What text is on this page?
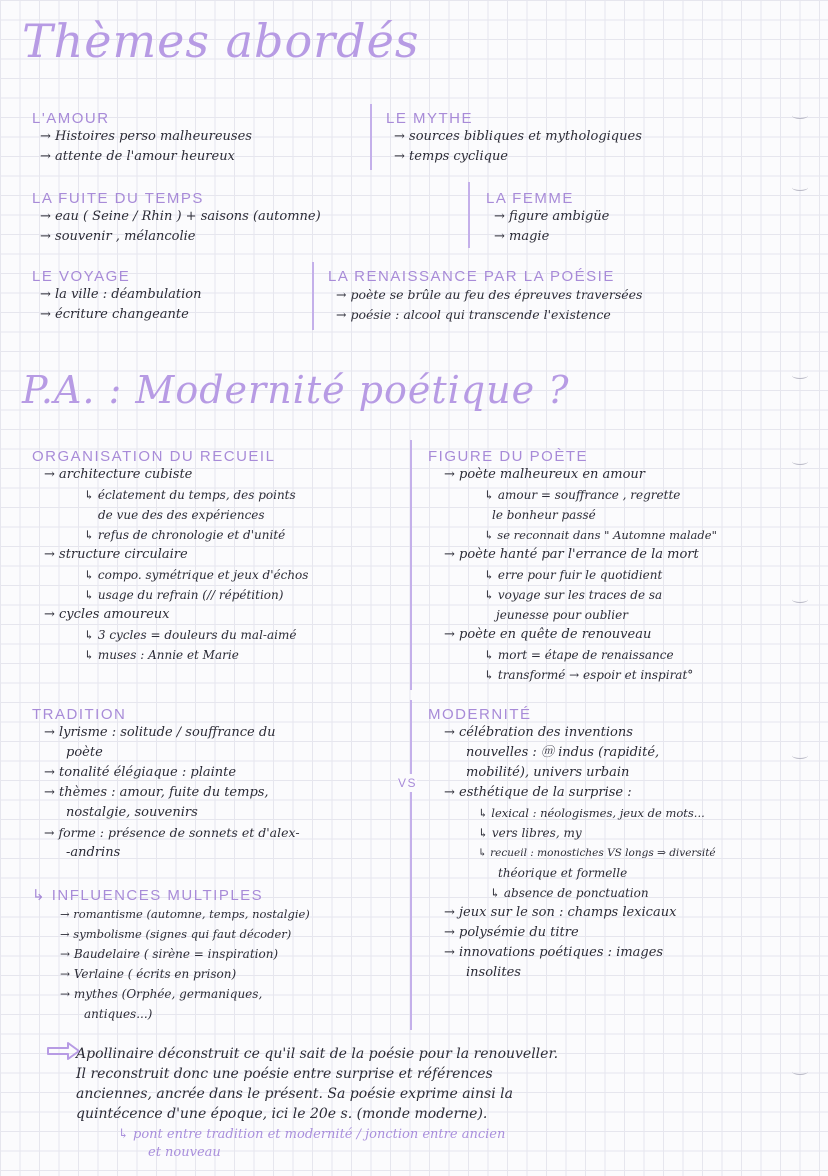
Thèmes abordés
L'AMOUR
→ Histoires perso malheureuses
→ attente de l'amour heureux
LE MYTHE
→ sources bibliques et mythologiques
→ temps cyclique
LA FUITE DU TEMPS
→ eau ( Seine / Rhin ) + saisons (automne)
→ souvenir , mélancolie
LA FEMME
→ figure ambigüe
→ magie
LE VOYAGE
→ la ville : déambulation
→ écriture changeante
LA RENAISSANCE PAR LA POÉSIE
→ poète se brûle au feu des épreuves traversées
→ poésie : alcool qui transcende l'existence
P.A. : Modernité poétique ?
ORGANISATION DU RECUEIL
→ architecture cubiste
↳ éclatement du temps, des points
de vue des des expériences
↳ refus de chronologie et d'unité
→ structure circulaire
↳ compo. symétrique et jeux d'échos
↳ usage du refrain (// répétition)
→ cycles amoureux
↳ 3 cycles = douleurs du mal-aimé
↳ muses : Annie et Marie
FIGURE DU POÈTE
→ poète malheureux en amour
↳ amour = souffrance , regrette
le bonheur passé
↳ se reconnait dans " Automne malade"
→ poète hanté par l'errance de la mort
↳ erre pour fuir le quotidient
↳ voyage sur les traces de sa
jeunesse pour oublier
→ poète en quête de renouveau
↳ mort = étape de renaissance
↳ transformé → espoir et inspirat°
TRADITION
→ lyrisme : solitude / souffrance du
poète
→ tonalité élégiaque : plainte
→ thèmes : amour, fuite du temps,
nostalgie, souvenirs
→ forme : présence de sonnets et d'alex-
-andrins
VS
MODERNITÉ
→ célébration des inventions
nouvelles : ⓜ indus (rapidité,
mobilité), univers urbain
→ esthétique de la surprise :
↳ lexical : néologismes, jeux de mots...
↳ vers libres, my
↳ recueil : monostiches VS longs ⇒ diversité
théorique et formelle
↳ absence de ponctuation
→ jeux sur le son : champs lexicaux
→ polysémie du titre
→ innovations poétiques : images
insolites
↳ INFLUENCES MULTIPLES
→ romantisme (automne, temps, nostalgie)
→ symbolisme (signes qui faut décoder)
→ Baudelaire ( sirène = inspiration)
→ Verlaine ( écrits en prison)
→ mythes (Orphée, germaniques,
antiques...)
Apollinaire déconstruit ce qu'il sait de la poésie pour la renouveller.
Il reconstruit donc une poésie entre surprise et références
anciennes, ancrée dans le présent. Sa poésie exprime ainsi la
quintécence d'une époque, ici le 20e s. (monde moderne).
↳ pont entre tradition et modernité / jonction entre ancien
et nouveau
